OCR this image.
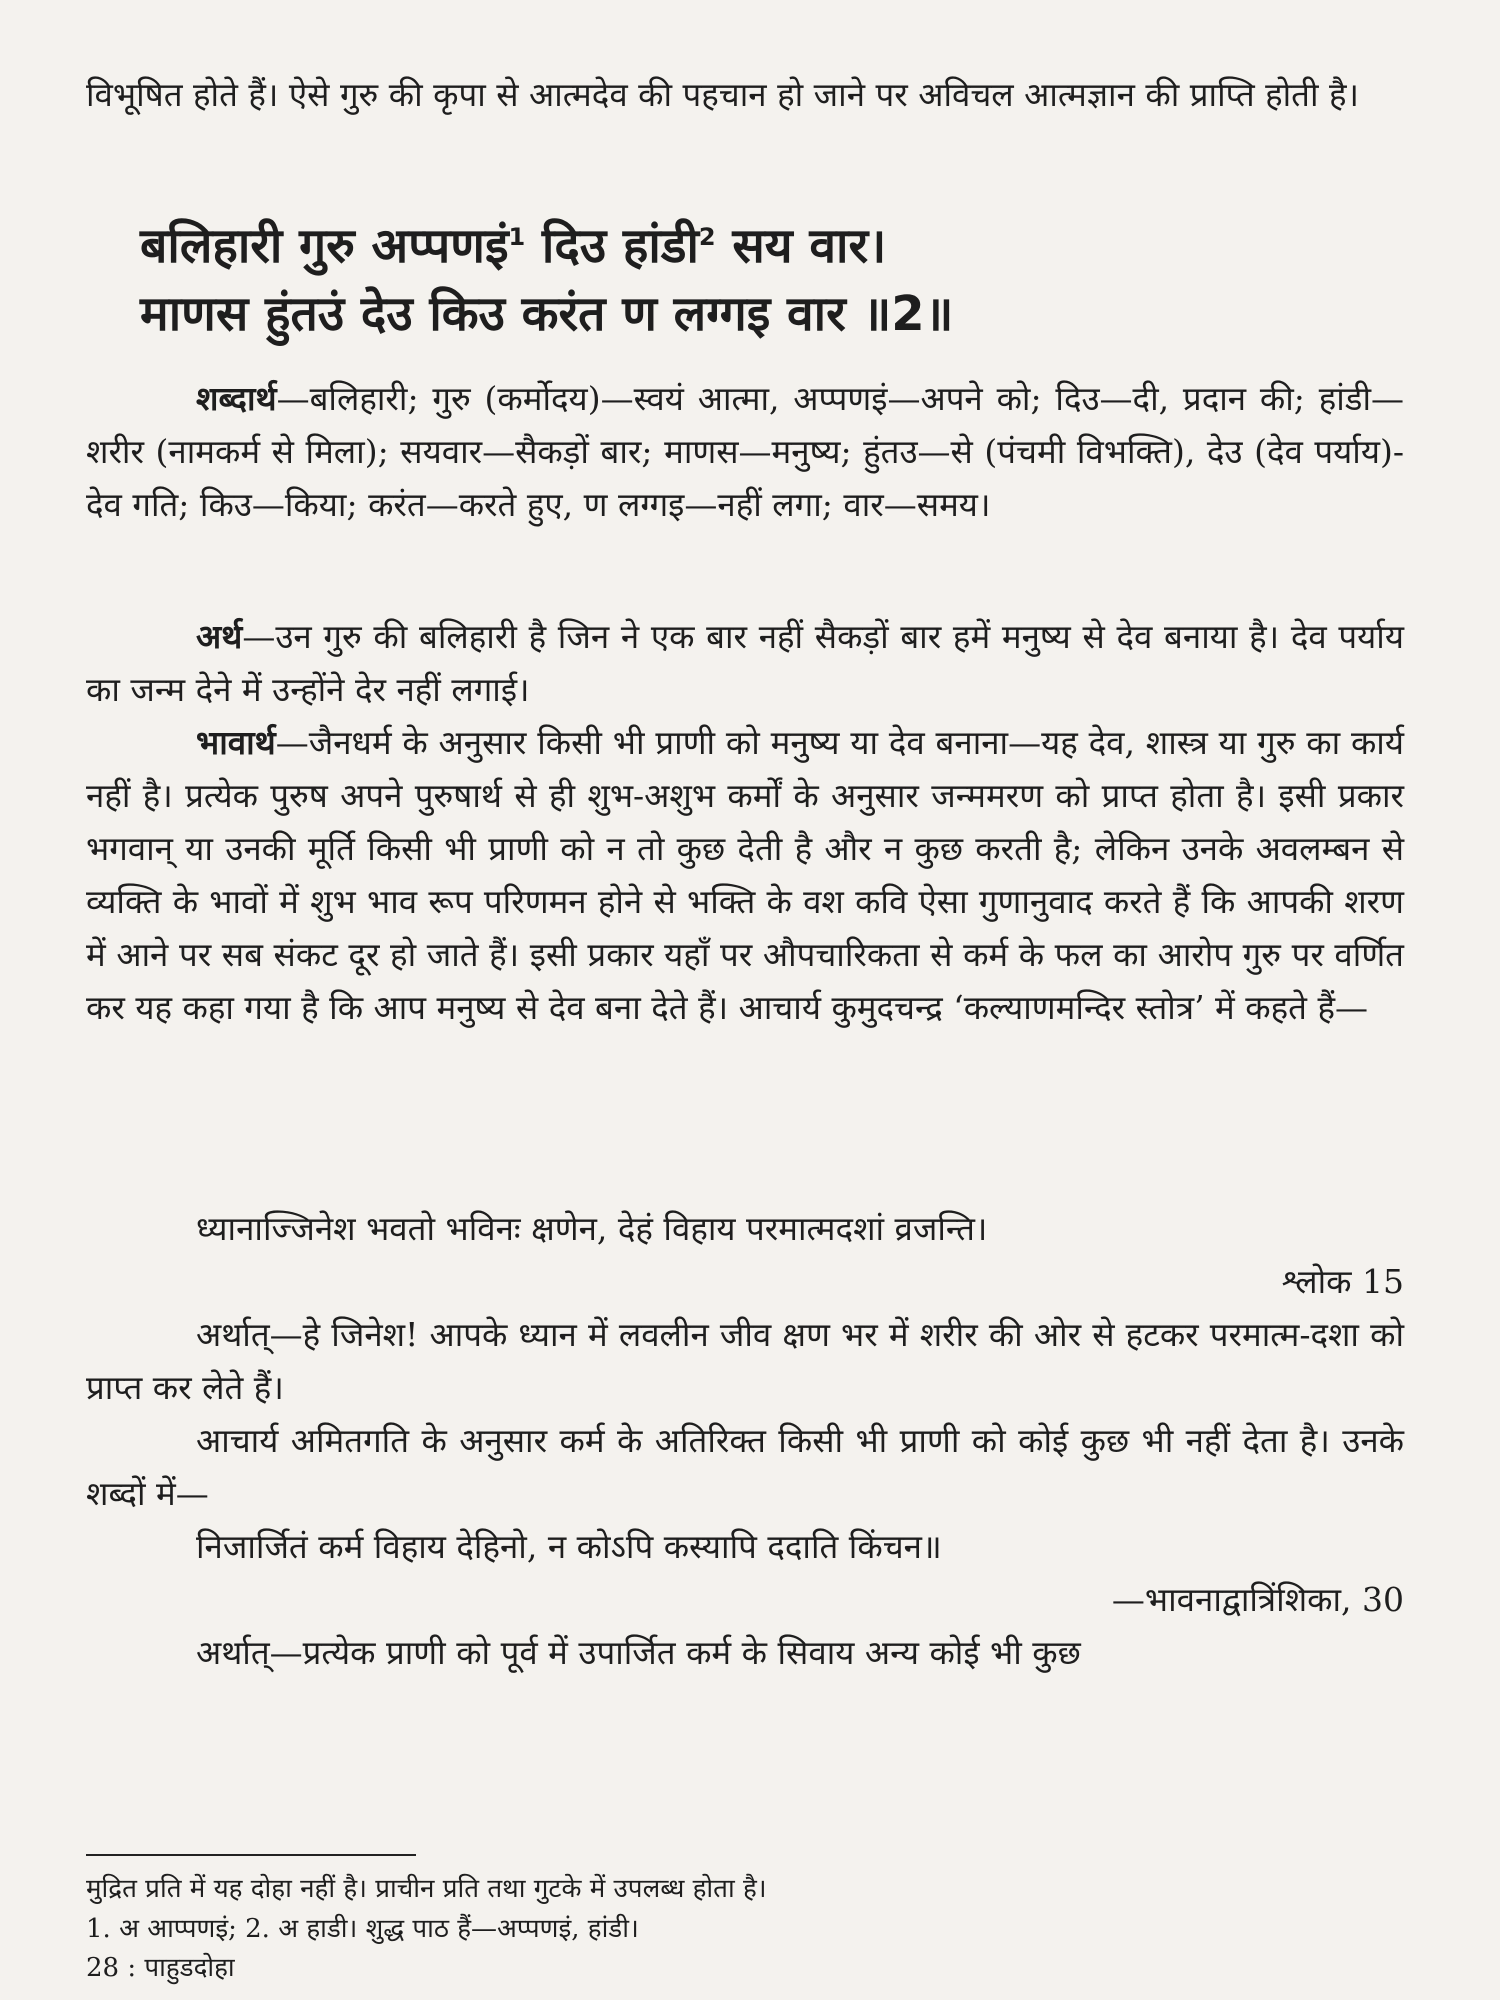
विभूषित होते हैं। ऐसे गुरु की कृपा से आत्मदेव की पहचान हो जाने पर अविचल आत्मज्ञान की प्राप्ति होती है।

बलिहारी गुरु अप्पणइं$^1$ दिउ हांडी$^2$ सय वार।
माणस हुंतउं देउ किउ करंत ण लग्गइ वार ॥2॥

शब्दार्थ—बलिहारी; गुरु (कर्मोदय)—स्वयं आत्मा, अप्पणइं—अपने को; दिउ—दी, प्रदान की; हांडी—शरीर (नामकर्म से मिला); सयवार—सैकड़ों बार; माणस—मनुष्य; हुंतउ—से (पंचमी विभक्ति), देउ (देव पर्याय)-देव गति; किउ—किया; करंत—करते हुए, ण लग्गइ—नहीं लगा; वार—समय।

अर्थ—उन गुरु की बलिहारी है जिन ने एक बार नहीं सैकड़ों बार हमें मनुष्य से देव बनाया है। देव पर्याय का जन्म देने में उन्होंने देर नहीं लगाई।

भावार्थ—जैनधर्म के अनुसार किसी भी प्राणी को मनुष्य या देव बनाना—यह देव, शास्त्र या गुरु का कार्य नहीं है। प्रत्येक पुरुष अपने पुरुषार्थ से ही शुभ-अशुभ कर्मों के अनुसार जन्ममरण को प्राप्त होता है। इसी प्रकार भगवान् या उनकी मूर्ति किसी भी प्राणी को न तो कुछ देती है और न कुछ करती है; लेकिन उनके अवलम्बन से व्यक्ति के भावों में शुभ भाव रूप परिणमन होने से भक्ति के वश कवि ऐसा गुणानुवाद करते हैं कि आपकी शरण में आने पर सब संकट दूर हो जाते हैं। इसी प्रकार यहाँ पर औपचारिकता से कर्म के फल का आरोप गुरु पर वर्णित कर यह कहा गया है कि आप मनुष्य से देव बना देते हैं। आचार्य कुमुदचन्द्र ‘कल्याणमन्दिर स्तोत्र’ में कहते हैं—

ध्यानाज्जिनेश भवतो भविनः क्षणेन, देहं विहाय परमात्मदशां व्रजन्ति।

श्लोक 15

अर्थात्—हे जिनेश! आपके ध्यान में लवलीन जीव क्षण भर में शरीर की ओर से हटकर परमात्म-दशा को प्राप्त कर लेते हैं।

आचार्य अमितगति के अनुसार कर्म के अतिरिक्त किसी भी प्राणी को कोई कुछ भी नहीं देता है। उनके शब्दों में—

निजार्जितं कर्म विहाय देहिनो, न कोऽपि कस्यापि ददाति किंचन॥

—भावनाद्वात्रिंशिका, 30

अर्थात्—प्रत्येक प्राणी को पूर्व में उपार्जित कर्म के सिवाय अन्य कोई भी कुछ

मुद्रित प्रति में यह दोहा नहीं है। प्राचीन प्रति तथा गुटके में उपलब्ध होता है।

1. अ आप्पणइं; 2. अ हाडी। शुद्ध पाठ हैं—अप्पणइं, हांडी।

28 : पाहुडदोहा
